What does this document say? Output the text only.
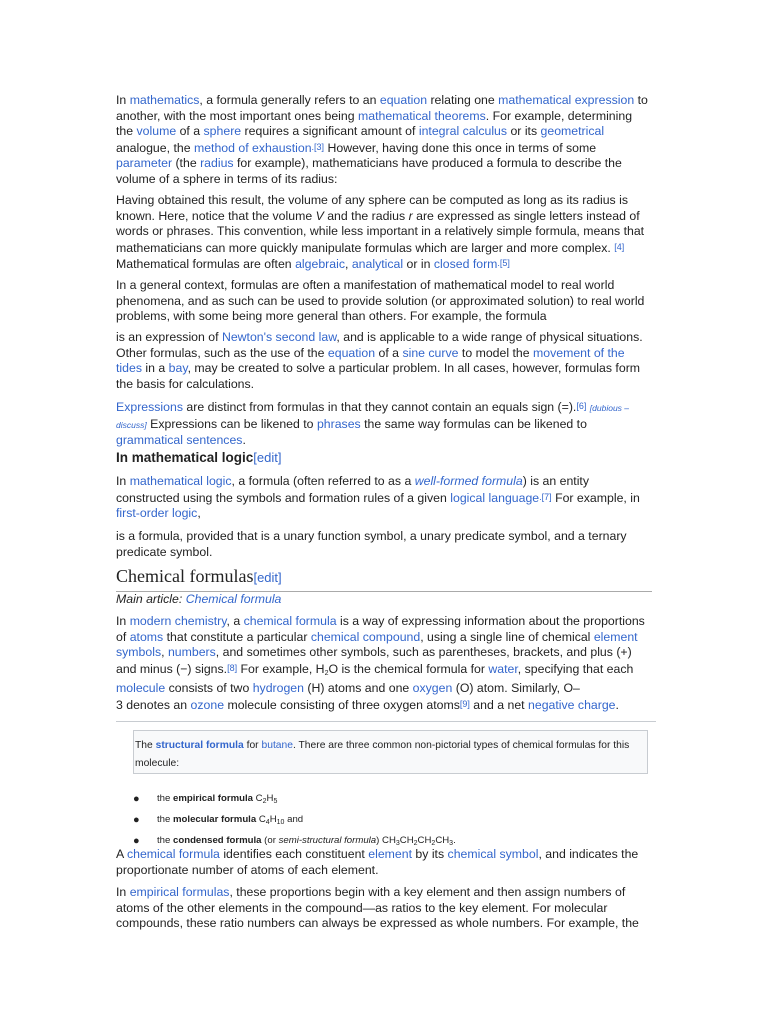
In mathematics, a formula generally refers to an equation relating one mathematical expression to another, with the most important ones being mathematical theorems. For example, determining the volume of a sphere requires a significant amount of integral calculus or its geometrical analogue, the method of exhaustion$^{.[3]}$ However, having done this once in terms of some parameter (the radius for example), mathematicians have produced a formula to describe the volume of a sphere in terms of its radius:

Having obtained this result, the volume of any sphere can be computed as long as its radius is known. Here, notice that the volume V and the radius r are expressed as single letters instead of words or phrases. This convention, while less important in a relatively simple formula, means that mathematicians can more quickly manipulate formulas which are larger and more complex. [4] Mathematical formulas are often algebraic, analytical or in closed form$^{.[5]}$

In a general context, formulas are often a manifestation of mathematical model to real world phenomena, and as such can be used to provide solution (or approximated solution) to real world problems, with some being more general than others. For example, the formula

is an expression of Newton's second law, and is applicable to a wide range of physical situations. Other formulas, such as the use of the equation of a sine curve to model the movement of the tides in a bay, may be created to solve a particular problem. In all cases, however, formulas form the basis for calculations.

Expressions are distinct from formulas in that they cannot contain an equals sign (=).[6] [dubious – discuss] Expressions can be likened to phrases the same way formulas can be likened to grammatical sentences.

In mathematical logic[edit]

In mathematical logic, a formula (often referred to as a well-formed formula) is an entity constructed using the symbols and formation rules of a given logical language$^{.[7]}$ For example, in first-order logic,

is a formula, provided that is a unary function symbol, a unary predicate symbol, and a ternary predicate symbol.

Chemical formulas[edit]

Main article: Chemical formula

In modern chemistry, a chemical formula is a way of expressing information about the proportions of atoms that constitute a particular chemical compound, using a single line of chemical element symbols, numbers, and sometimes other symbols, such as parentheses, brackets, and plus (+) and minus (−) signs.[8] For example, $H_2O$ is the chemical formula for water, specifying that each molecule consists of two hydrogen (H) atoms and one oxygen (O) atom. Similarly, O–
3 denotes an ozone molecule consisting of three oxygen atoms[9] and a net negative charge.

The structural formula for butane. There are three common non-pictorial types of chemical formulas for this molecule:
● the empirical formula $C_2H_5$
● the molecular formula $C_4H_{10}$ and
● the condensed formula (or semi-structural formula) $CH_3CH_2CH_2CH_3$.

A chemical formula identifies each constituent element by its chemical symbol, and indicates the proportionate number of atoms of each element.

In empirical formulas, these proportions begin with a key element and then assign numbers of atoms of the other elements in the compound—as ratios to the key element. For molecular compounds, these ratio numbers can always be expressed as whole numbers. For example, the
